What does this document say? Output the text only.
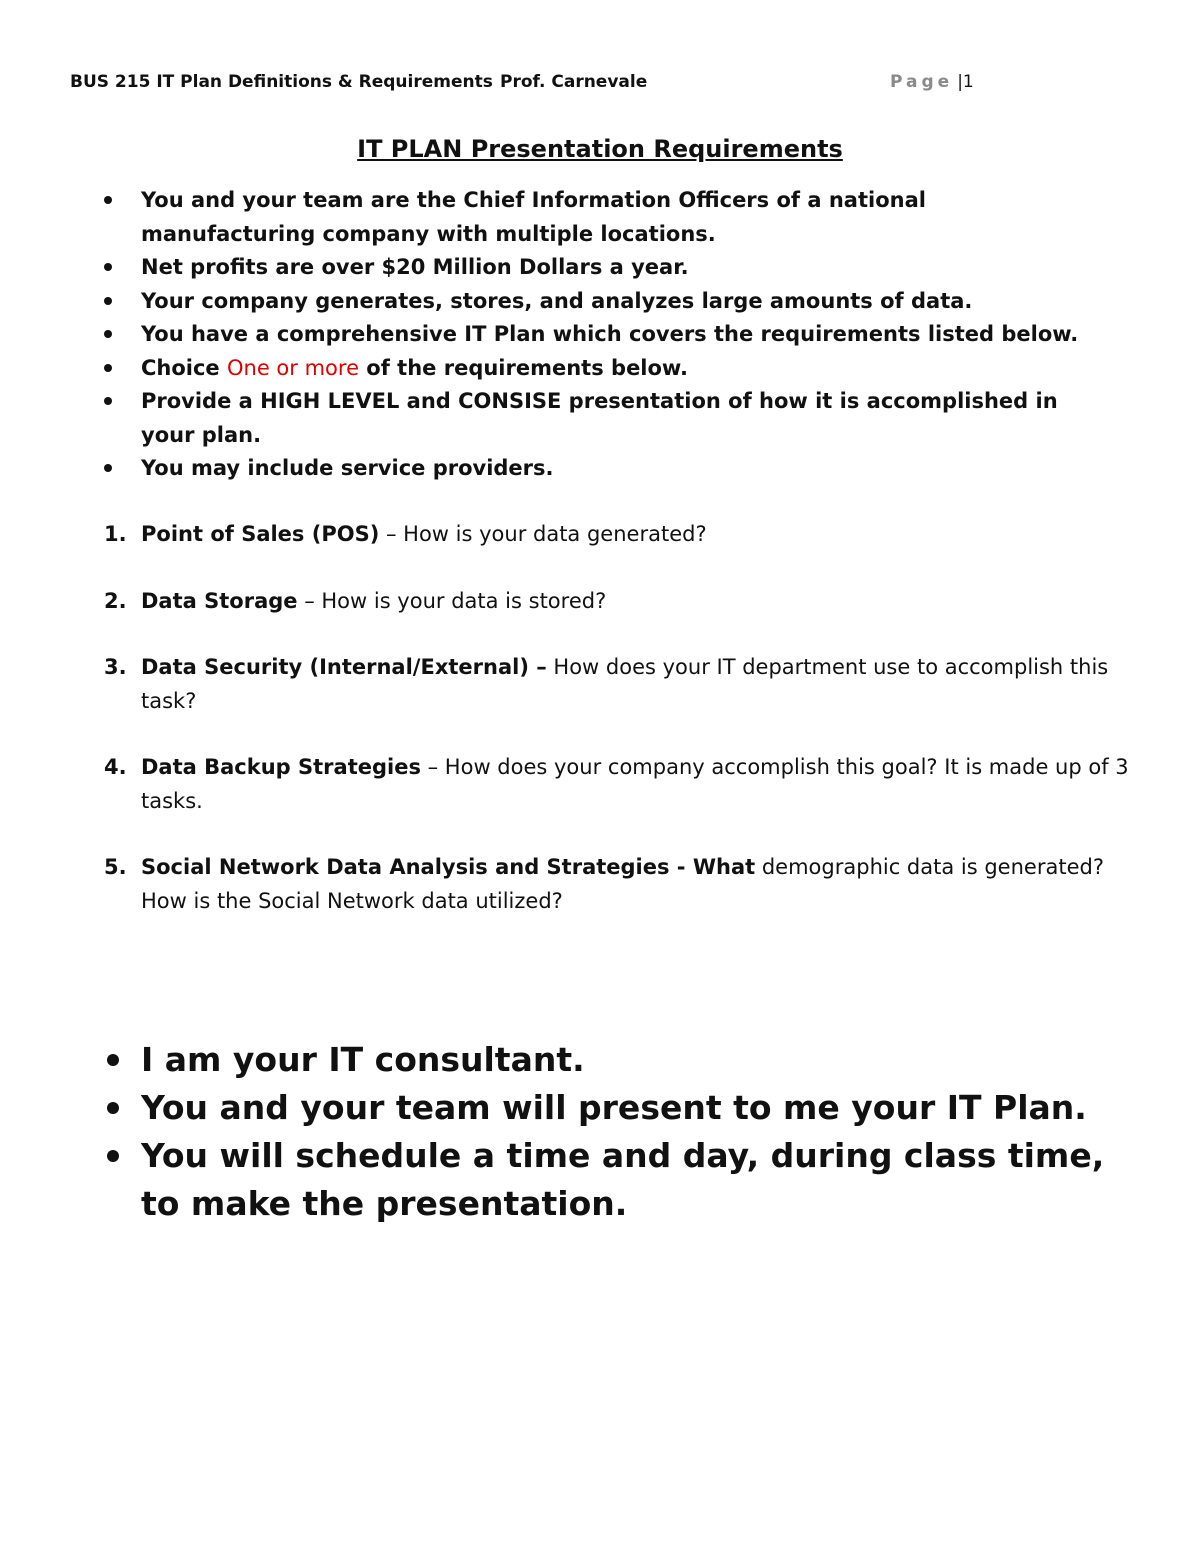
BUS 215 IT Plan Definitions & Requirements Prof. Carnevale	Page |1
IT PLAN Presentation Requirements
You and your team are the Chief Information Officers of a national manufacturing company with multiple locations.
Net profits are over $20 Million Dollars a year.
Your company generates, stores, and analyzes large amounts of data.
You have a comprehensive IT Plan which covers the requirements listed below.
Choice One or more of the requirements below.
Provide a HIGH LEVEL and CONSISE presentation of how it is accomplished in your plan.
You may include service providers.
1. Point of Sales (POS) – How is your data generated?
2. Data Storage – How is your data is stored?
3. Data Security (Internal/External) – How does your IT department use to accomplish this task?
4. Data Backup Strategies – How does your company accomplish this goal? It is made up of 3 tasks.
5. Social Network Data Analysis and Strategies - What demographic data is generated? How is the Social Network data utilized?
I am your IT consultant.
You and your team will present to me your IT Plan.
You will schedule a time and day, during class time, to make the presentation.
